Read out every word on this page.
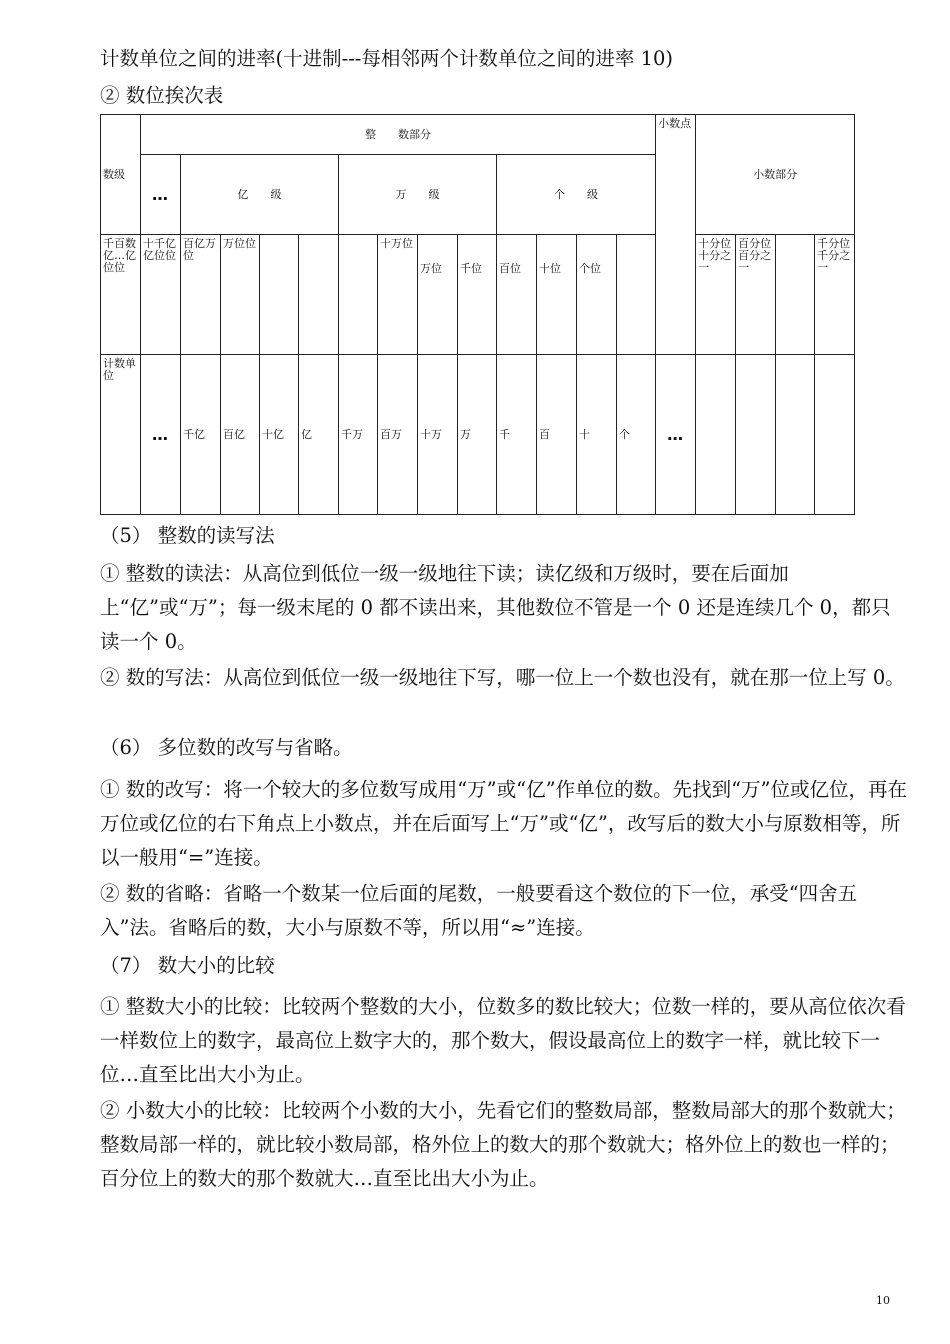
计数单位之间的进率(十进制---每相邻两个计数单位之间的进率 10)
② 数位挨次表
数级	整　　数部分													小数点	小数部分			
	…	亿　　级				万　　级				个　　级								
千百数亿…亿位位	十千亿亿位位	百亿万位	万位位				十万位	万位	千位	百位	十位	个位			十分位十分之一	百分位百分之一		千分位千分之一
计数单位	…	千亿	百亿	十亿	亿	千万	百万	十万	万	千	百	十	个	…				
（5） 整数的读写法
① 整数的读法：从高位到低位一级一级地往下读；读亿级和万级时，要在后面加上“亿”或“万”；每一级末尾的 0 都不读出来，其他数位不管是一个 0 还是连续几个 0，都只读一个 0。
② 数的写法：从高位到低位一级一级地往下写，哪一位上一个数也没有，就在那一位上写 0。
（6） 多位数的改写与省略。
① 数的改写：将一个较大的多位数写成用“万”或“亿”作单位的数。先找到“万”位或亿位，再在万位或亿位的右下角点上小数点，并在后面写上“万”或“亿”，改写后的数大小与原数相等，所以一般用“=”连接。
② 数的省略：省略一个数某一位后面的尾数，一般要看这个数位的下一位，承受“四舍五入”法。省略后的数，大小与原数不等，所以用“≈”连接。
（7） 数大小的比较
① 整数大小的比较：比较两个整数的大小，位数多的数比较大；位数一样的，要从高位依次看一样数位上的数字，最高位上数字大的，那个数大，假设最高位上的数字一样，就比较下一位…直至比出大小为止。
② 小数大小的比较：比较两个小数的大小，先看它们的整数局部，整数局部大的那个数就大；整数局部一样的，就比较小数局部，格外位上的数大的那个数就大；格外位上的数也一样的；百分位上的数大的那个数就大…直至比出大小为止。
10
